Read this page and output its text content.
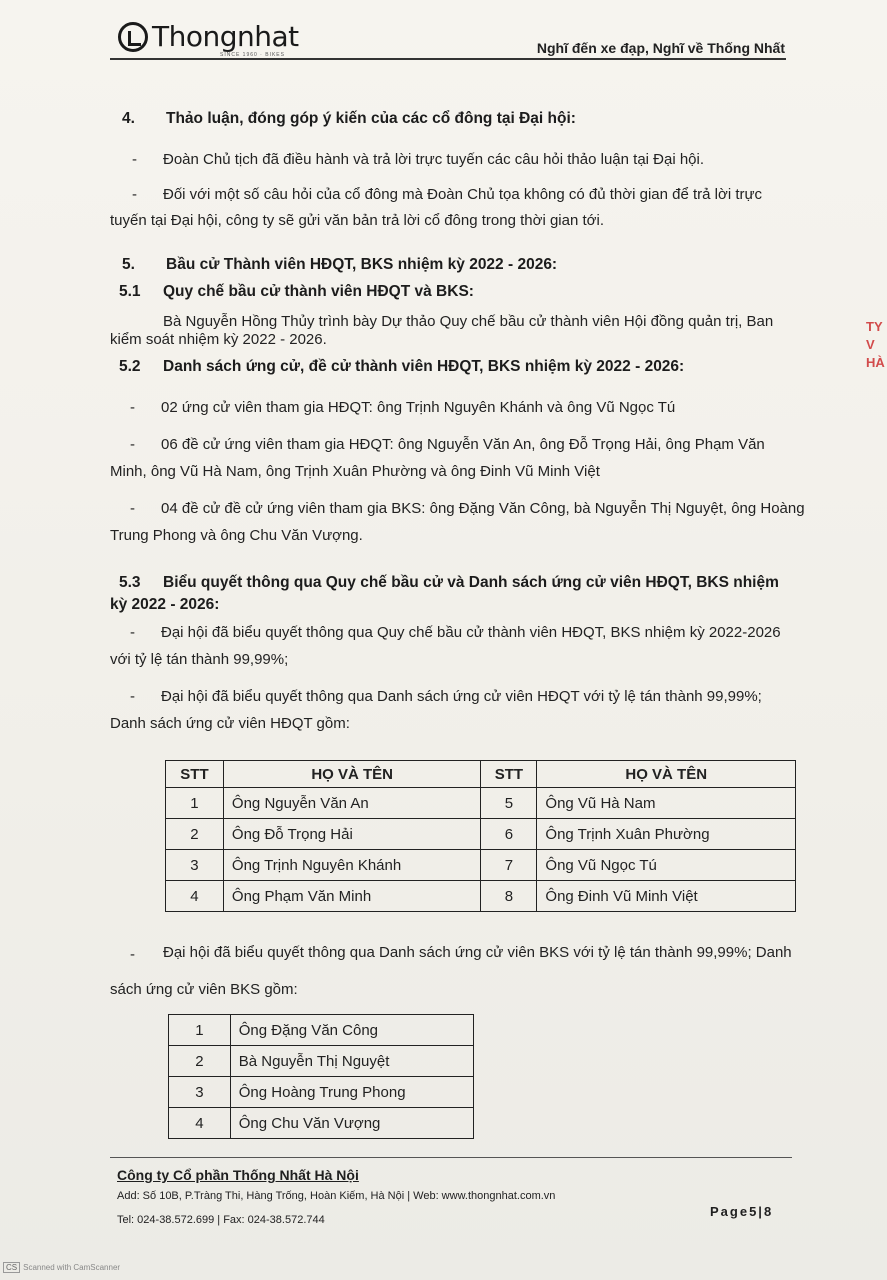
Thongnhat
SINCE 1960 · BIKES	Nghĩ đến xe đạp, Nghĩ về Thống Nhất
4. Thảo luận, đóng góp ý kiến của các cổ đông tại Đại hội:
- Đoàn Chủ tịch đã điều hành và trả lời trực tuyến các câu hỏi thảo luận tại Đại hội.
- Đối với một số câu hỏi của cổ đông mà Đoàn Chủ tọa không có đủ thời gian để trả lời trực
tuyến tại Đại hội, công ty sẽ gửi văn bản trả lời cổ đông trong thời gian tới.
5. Bầu cử Thành viên HĐQT, BKS nhiệm kỳ 2022 - 2026:
5.1 Quy chế bầu cử thành viên HĐQT và BKS:
Bà Nguyễn Hồng Thủy trình bày Dự thảo Quy chế bầu cử thành viên Hội đồng quản trị, Ban
kiểm soát nhiệm kỳ 2022 - 2026.
5.2 Danh sách ứng cử, đề cử thành viên HĐQT, BKS nhiệm kỳ 2022 - 2026:
- 02 ứng cử viên tham gia HĐQT: ông Trịnh Nguyên Khánh và ông Vũ Ngọc Tú
- 06 đề cử ứng viên tham gia HĐQT: ông Nguyễn Văn An, ông Đỗ Trọng Hải, ông Phạm Văn
Minh, ông Vũ Hà Nam, ông Trịnh Xuân Phường và ông Đinh Vũ Minh Việt
- 04 đề cử đề cử ứng viên tham gia BKS: ông Đặng Văn Công, bà Nguyễn Thị Nguyệt, ông Hoàng
Trung Phong và ông Chu Văn Vượng.
5.3 Biểu quyết thông qua Quy chế bầu cử và Danh sách ứng cử viên HĐQT, BKS nhiệm
kỳ 2022 - 2026:
- Đại hội đã biểu quyết thông qua Quy chế bầu cử thành viên HĐQT, BKS nhiệm kỳ 2022-2026
với tỷ lệ tán thành 99,99%;
- Đại hội đã biểu quyết thông qua Danh sách ứng cử viên HĐQT với tỷ lệ tán thành 99,99%;
Danh sách ứng cử viên HĐQT gồm:
STT	HỌ VÀ TÊN	STT	HỌ VÀ TÊN
1	Ông Nguyễn Văn An	5	Ông Vũ Hà Nam
2	Ông Đỗ Trọng Hải	6	Ông Trịnh Xuân Phường
3	Ông Trịnh Nguyên Khánh	7	Ông Vũ Ngọc Tú
4	Ông Phạm Văn Minh	8	Ông Đinh Vũ Minh Việt
- Đại hội đã biểu quyết thông qua Danh sách ứng cử viên BKS với tỷ lệ tán thành 99,99%; Danh
sách ứng cử viên BKS gồm:
1	Ông Đặng Văn Công
2	Bà Nguyễn Thị Nguyệt
3	Ông Hoàng Trung Phong
4	Ông Chu Văn Vượng
Công ty Cổ phần Thống Nhất Hà Nội
Add: Số 10B, P.Tràng Thi, Hàng Trống, Hoàn Kiếm, Hà Nội | Web: www.thongnhat.com.vn
Tel: 024-38.572.699 | Fax: 024-38.572.744
Page5|8
TY V HÀ
CS Scanned with CamScanner
